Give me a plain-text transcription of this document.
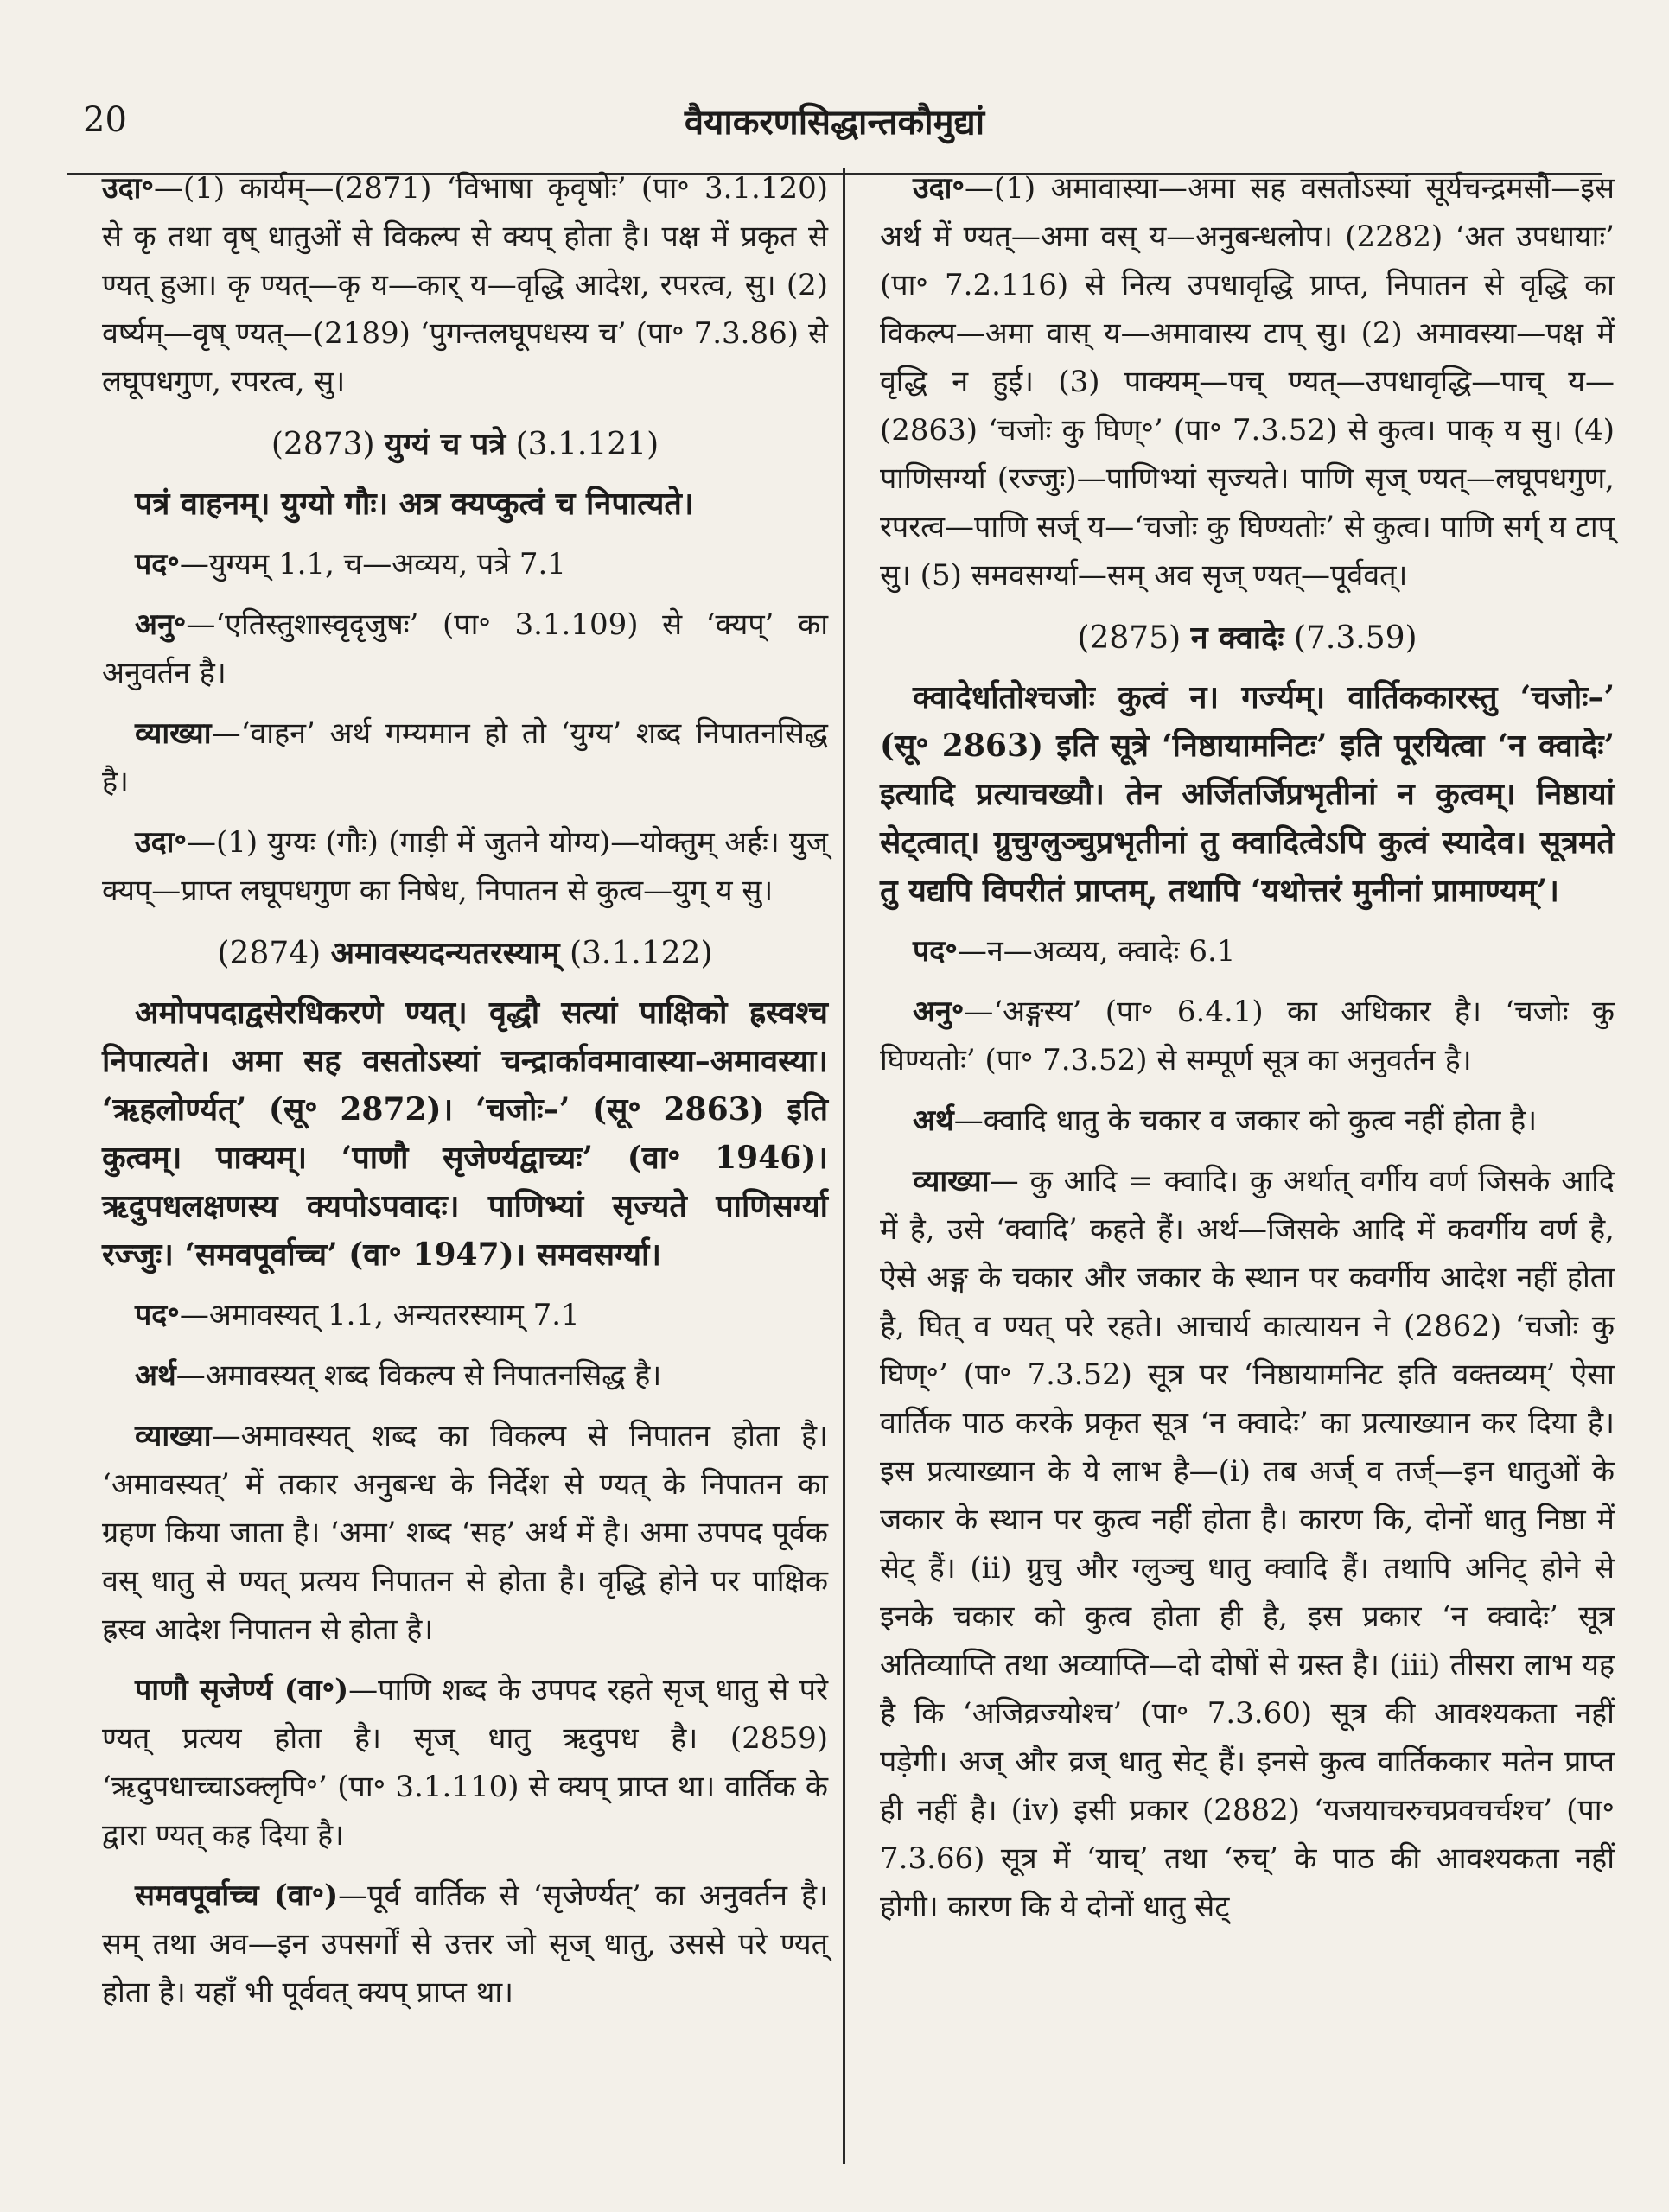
20	वैयाकरणसिद्धान्तकौमुद्यां

उदा॰—(1) कार्यम्—(2871) ‘विभाषा कृवृषोः’ (पा॰ 3.1.120) से कृ तथा वृष् धातुओं से विकल्प से क्यप् होता है। पक्ष में प्रकृत से ण्यत् हुआ। कृ ण्यत्—कृ य—कार् य—वृद्धि आदेश, रपरत्व, सु। (2) वर्ष्यम्—वृष् ण्यत्—(2189) ‘पुगन्तलघूपधस्य च’ (पा॰ 7.3.86) से लघूपधगुण, रपरत्व, सु।

(2873) युग्यं च पत्रे (3.1.121)

पत्रं वाहनम्। युग्यो गौः। अत्र क्यप्कुत्वं च निपात्यते।

पद॰—युग्यम् 1.1, च—अव्यय, पत्रे 7.1

अनु॰—‘एतिस्तुशास्वृदृजुषः’ (पा॰ 3.1.109) से ‘क्यप्’ का अनुवर्तन है।

व्याख्या—‘वाहन’ अर्थ गम्यमान हो तो ‘युग्य’ शब्द निपातनसिद्ध है।

उदा॰—(1) युग्यः (गौः) (गाड़ी में जुतने योग्य)—योक्तुम् अर्हः। युज् क्यप्—प्राप्त लघूपधगुण का निषेध, निपातन से कुत्व—युग् य सु।

(2874) अमावस्यदन्यतरस्याम् (3.1.122)

अमोपपदाद्वसेरधिकरणे ण्यत्। वृद्धौ सत्यां पाक्षिको ह्रस्वश्च निपात्यते। अमा सह वसतोऽस्यां चन्द्रार्कावमावास्या–अमावस्या। ‘ऋहलोर्ण्यत्’ (सू॰ 2872)। ‘चजोः–’ (सू॰ 2863) इति कुत्वम्। पाक्यम्। ‘पाणौ सृजेर्ण्यद्वाच्यः’ (वा॰ 1946)। ऋदुपधलक्षणस्य क्यपोऽपवादः। पाणिभ्यां सृज्यते पाणिसर्ग्या रज्जुः। ‘समवपूर्वाच्च’ (वा॰ 1947)। समवसर्ग्या।

पद॰—अमावस्यत् 1.1, अन्यतरस्याम् 7.1

अर्थ—अमावस्यत् शब्द विकल्प से निपातनसिद्ध है।

व्याख्या—अमावस्यत् शब्द का विकल्प से निपातन होता है। ‘अमावस्यत्’ में तकार अनुबन्ध के निर्देश से ण्यत् के निपातन का ग्रहण किया जाता है। ‘अमा’ शब्द ‘सह’ अर्थ में है। अमा उपपद पूर्वक वस् धातु से ण्यत् प्रत्यय निपातन से होता है। वृद्धि होने पर पाक्षिक ह्रस्व आदेश निपातन से होता है।

पाणौ सृजेर्ण्य (वा॰)—पाणि शब्द के उपपद रहते सृज् धातु से परे ण्यत् प्रत्यय होता है। सृज् धातु ऋदुपध है। (2859) ‘ऋदुपधाच्चाऽक्लृपि॰’ (पा॰ 3.1.110) से क्यप् प्राप्त था। वार्तिक के द्वारा ण्यत् कह दिया है।

समवपूर्वाच्च (वा॰)—पूर्व वार्तिक से ‘सृजेर्ण्यत्’ का अनुवर्तन है। सम् तथा अव—इन उपसर्गों से उत्तर जो सृज् धातु, उससे परे ण्यत् होता है। यहाँ भी पूर्ववत् क्यप् प्राप्त था।

उदा॰—(1) अमावास्या—अमा सह वसतोऽस्यां सूर्यचन्द्रमसौ—इस अर्थ में ण्यत्—अमा वस् य—अनुबन्धलोप। (2282) ‘अत उपधायाः’ (पा॰ 7.2.116) से नित्य उपधावृद्धि प्राप्त, निपातन से वृद्धि का विकल्प—अमा वास् य—अमावास्य टाप् सु। (2) अमावस्या—पक्ष में वृद्धि न हुई। (3) पाक्यम्—पच् ण्यत्—उपधावृद्धि—पाच् य—(2863) ‘चजोः कु घिण्॰’ (पा॰ 7.3.52) से कुत्व। पाक् य सु। (4) पाणिसर्ग्या (रज्जुः)—पाणिभ्यां सृज्यते। पाणि सृज् ण्यत्—लघूपधगुण, रपरत्व—पाणि सर्ज् य—‘चजोः कु घिण्यतोः’ से कुत्व। पाणि सर्ग् य टाप् सु। (5) समवसर्ग्या—सम् अव सृज् ण्यत्—पूर्ववत्।

(2875) न क्वादेः (7.3.59)

क्वादेर्धातोश्चजोः कुत्वं न। गर्ज्यम्। वार्तिककारस्तु ‘चजोः–’ (सू॰ 2863) इति सूत्रे ‘निष्ठायामनिटः’ इति पूरयित्वा ‘न क्वादेः’ इत्यादि प्रत्याचख्यौ। तेन अर्जितर्जिप्रभृतीनां न कुत्वम्। निष्ठायां सेट्त्वात्। ग्रुचुग्लुञ्चुप्रभृतीनां तु क्वादित्वेऽपि कुत्वं स्यादेव। सूत्रमते तु यद्यपि विपरीतं प्राप्तम्, तथापि ‘यथोत्तरं मुनीनां प्रामाण्यम्’।

पद॰—न—अव्यय, क्वादेः 6.1

अनु॰—‘अङ्गस्य’ (पा॰ 6.4.1) का अधिकार है। ‘चजोः कु घिण्यतोः’ (पा॰ 7.3.52) से सम्पूर्ण सूत्र का अनुवर्तन है।

अर्थ—क्वादि धातु के चकार व जकार को कुत्व नहीं होता है।

व्याख्या— कु आदि = क्वादि। कु अर्थात् वर्गीय वर्ण जिसके आदि में है, उसे ‘क्वादि’ कहते हैं। अर्थ—जिसके आदि में कवर्गीय वर्ण है, ऐसे अङ्ग के चकार और जकार के स्थान पर कवर्गीय आदेश नहीं होता है, घित् व ण्यत् परे रहते। आचार्य कात्यायन ने (2862) ‘चजोः कु घिण्॰’ (पा॰ 7.3.52) सूत्र पर ‘निष्ठायामनिट इति वक्तव्यम्’ ऐसा वार्तिक पाठ करके प्रकृत सूत्र ‘न क्वादेः’ का प्रत्याख्यान कर दिया है। इस प्रत्याख्यान के ये लाभ है—(i) तब अर्ज् व तर्ज्—इन धातुओं के जकार के स्थान पर कुत्व नहीं होता है। कारण कि, दोनों धातु निष्ठा में सेट् हैं। (ii) ग्रुचु और ग्लुञ्चु धातु क्वादि हैं। तथापि अनिट् होने से इनके चकार को कुत्व होता ही है, इस प्रकार ‘न क्वादेः’ सूत्र अतिव्याप्ति तथा अव्याप्ति—दो दोषों से ग्रस्त है। (iii) तीसरा लाभ यह है कि ‘अजिव्रज्योश्च’ (पा॰ 7.3.60) सूत्र की आवश्यकता नहीं पड़ेगी। अज् और व्रज् धातु सेट् हैं। इनसे कुत्व वार्तिककार मतेन प्राप्त ही नहीं है। (iv) इसी प्रकार (2882) ‘यजयाचरुचप्रवचर्चश्च’ (पा॰ 7.3.66) सूत्र में ‘याच्’ तथा ‘रुच्’ के पाठ की आवश्यकता नहीं होगी। कारण कि ये दोनों धातु सेट्
